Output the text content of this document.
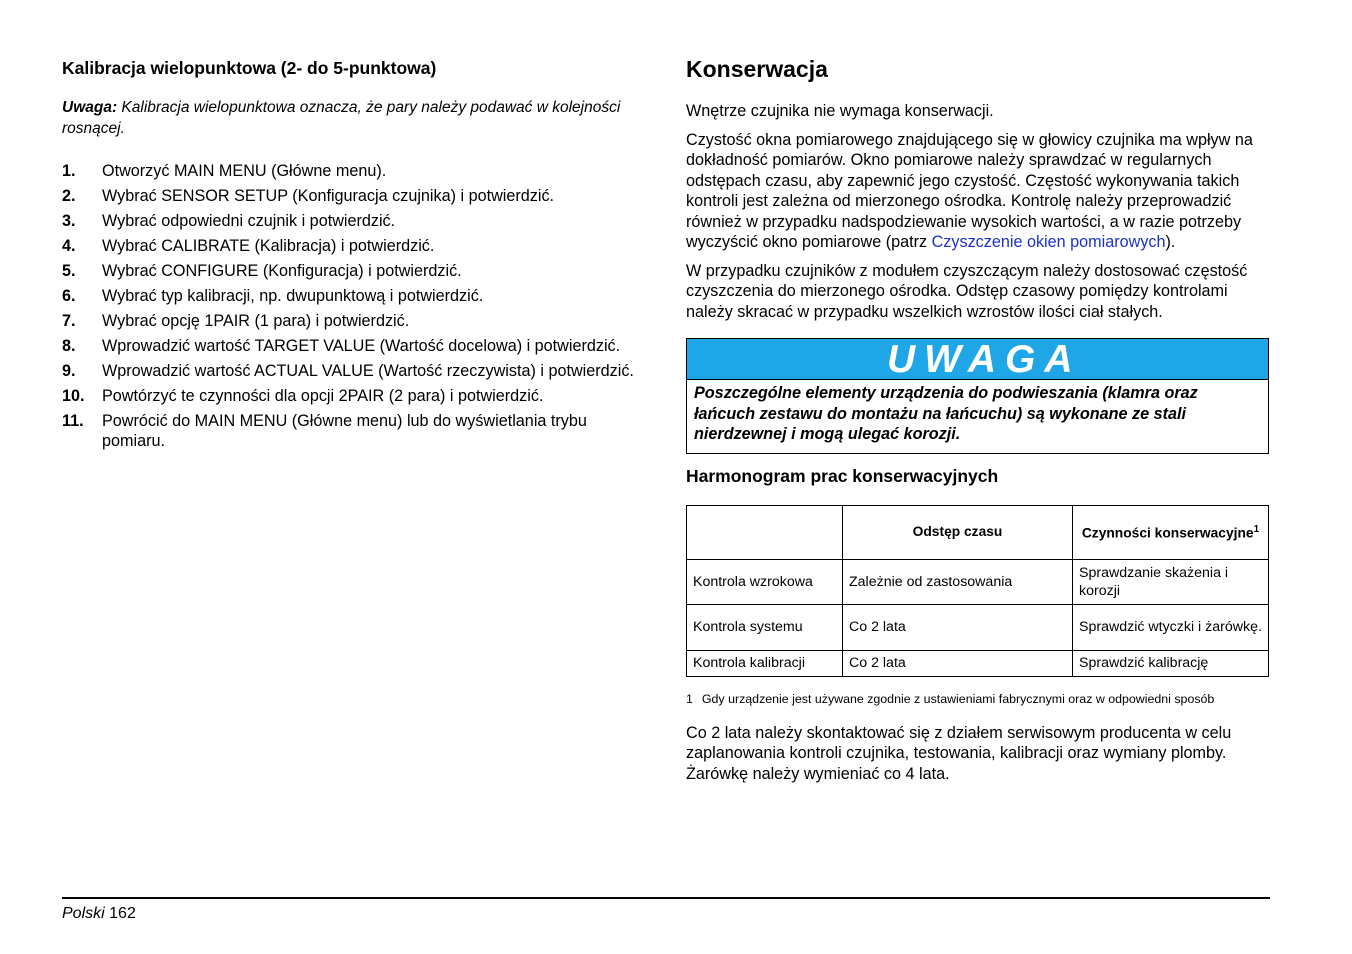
Kalibracja wielopunktowa (2- do 5-punktowa)

Uwaga: Kalibracja wielopunktowa oznacza, że pary należy podawać w kolejności rosnącej.

1. Otworzyć MAIN MENU (Główne menu).
2. Wybrać SENSOR SETUP (Konfiguracja czujnika) i potwierdzić.
3. Wybrać odpowiedni czujnik i potwierdzić.
4. Wybrać CALIBRATE (Kalibracja) i potwierdzić.
5. Wybrać CONFIGURE (Konfiguracja) i potwierdzić.
6. Wybrać typ kalibracji, np. dwupunktową i potwierdzić.
7. Wybrać opcję 1PAIR (1 para) i potwierdzić.
8. Wprowadzić wartość TARGET VALUE (Wartość docelowa) i potwierdzić.
9. Wprowadzić wartość ACTUAL VALUE (Wartość rzeczywista) i potwierdzić.
10. Powtórzyć te czynności dla opcji 2PAIR (2 para) i potwierdzić.
11. Powrócić do MAIN MENU (Główne menu) lub do wyświetlania trybu pomiaru.
Konserwacja

Wnętrze czujnika nie wymaga konserwacji.

Czystość okna pomiarowego znajdującego się w głowicy czujnika ma wpływ na dokładność pomiarów. Okno pomiarowe należy sprawdzać w regularnych odstępach czasu, aby zapewnić jego czystość. Częstość wykonywania takich kontroli jest zależna od mierzonego ośrodka. Kontrolę należy przeprowadzić również w przypadku nadspodziewanie wysokich wartości, a w razie potrzeby wyczyścić okno pomiarowe (patrz Czyszczenie okien pomiarowych).

W przypadku czujników z modułem czyszczącym należy dostosować częstość czyszczenia do mierzonego ośrodka. Odstęp czasowy pomiędzy kontrolami należy skracać w przypadku wszelkich wzrostów ilości ciał stałych.

UWAGA
Poszczególne elementy urządzenia do podwieszania (klamra oraz łańcuch zestawu do montażu na łańcuchu) są wykonane ze stali nierdzewnej i mogą ulegać korozji.
Harmonogram prac konserwacyjnych
	Odstęp czasu	Czynności konserwacyjne$^1$
Kontrola wzrokowa	Zależnie od zastosowania	Sprawdzanie skażenia i korozji
Kontrola systemu	Co 2 lata	Sprawdzić wtyczki i żarówkę.
Kontrola kalibracji	Co 2 lata	Sprawdzić kalibrację
1 Gdy urządzenie jest używane zgodnie z ustawieniami fabrycznymi oraz w odpowiedni sposób

Co 2 lata należy skontaktować się z działem serwisowym producenta w celu zaplanowania kontroli czujnika, testowania, kalibracji oraz wymiany plomby. Żarówkę należy wymieniać co 4 lata.

Polski 162
